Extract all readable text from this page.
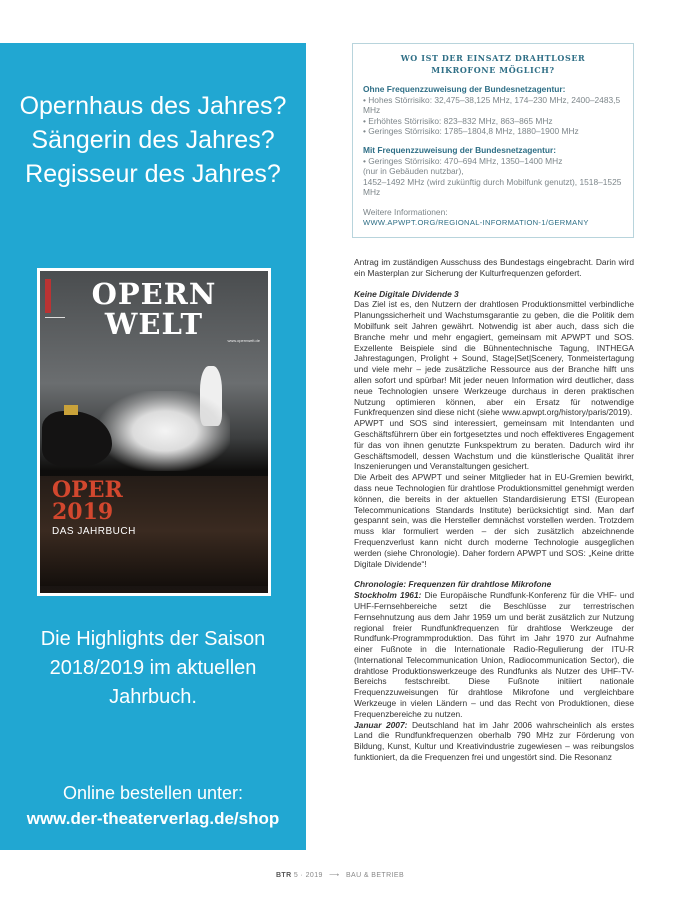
Opernhaus des Jahres?
Sängerin des Jahres?
Regisseur des Jahres?
OPERN
WELT	www.opernwelt.de
OPER
2019
DAS JAHRBUCH
Die Highlights der Saison
2018/2019 im aktuellen
Jahrbuch.
Online bestellen unter:
www.der-theaterverlag.de/shop
WO IST DER EINSATZ DRAHTLOSER
MIKROFONE MÖGLICH?
Ohne Frequenzzuweisung der Bundesnetzagentur:
• Hohes Störrisiko: 32,475–38,125 MHz, 174–230 MHz, 2400–2483,5 MHz
• Erhöhtes Störrisiko: 823–832 MHz, 863–865 MHz
• Geringes Störrisiko: 1785–1804,8 MHz, 1880–1900 MHz
Mit Frequenzzuweisung der Bundesnetzagentur:
• Geringes Störrisiko: 470–694 MHz, 1350–1400 MHz
(nur in Gebäuden nutzbar),
1452–1492 MHz (wird zukünftig durch Mobilfunk genutzt), 1518–1525 MHz
Weitere Informationen:
WWW.APWPT.ORG/REGIONAL-INFORMATION-1/GERMANY

Antrag im zuständigen Ausschuss des Bundestags eingebracht. Darin wird ein Masterplan zur Sicherung der Kulturfrequenzen gefordert.

Keine Digitale Dividende 3

Das Ziel ist es, den Nutzern der drahtlosen Produktionsmittel verbindliche Planungssicherheit und Wachstumsgarantie zu geben, die die Politik dem Mobilfunk seit Jahren gewährt. Notwendig ist aber auch, dass sich die Branche mehr und mehr engagiert, gemeinsam mit APWPT und SOS. Exzellente Beispiele sind die Bühnentechnische Tagung, INTHEGA Jahrestagungen, Prolight + Sound, Stage|Set|Scenery, Tonmeistertagung und viele mehr – jede zusätzliche Ressource aus der Branche hilft uns allen sofort und spürbar! Mit jeder neuen Information wird deutlicher, dass neue Technologien unsere Werkzeuge durchaus in deren praktischen Nutzung optimieren können, aber ein Ersatz für notwendige Funkfrequenzen sind diese nicht (siehe www.apwpt.org/history/paris/2019).

APWPT und SOS sind interessiert, gemeinsam mit Intendanten und Geschäftsführern über ein fortgesetztes und noch effektiveres Engagement für das von ihnen genutzte Funkspektrum zu beraten. Dadurch wird ihr Geschäftsmodell, dessen Wachstum und die künstlerische Qualität ihrer Inszenierungen und Veranstaltungen gesichert.

Die Arbeit des APWPT und seiner Mitglieder hat in EU-Gremien bewirkt, dass neue Technologien für drahtlose Produktionsmittel genehmigt werden können, die bereits in der aktuellen Standardisierung ETSI (European Telecommunications Standards Institute) berücksichtigt sind. Man darf gespannt sein, was die Hersteller demnächst vorstellen werden. Trotzdem muss klar formuliert werden – der sich zusätzlich abzeichnende Frequenzverlust kann nicht durch moderne Technologie ausgeglichen werden (siehe Chronologie). Daher fordern APWPT und SOS: „Keine dritte Digitale Dividende“!

Chronologie: Frequenzen für drahtlose Mikrofone

Stockholm 1961: Die Europäische Rundfunk-Konferenz für die VHF- und UHF-Fernsehbereiche setzt die Beschlüsse zur terrestrischen Fernsehnutzung aus dem Jahr 1959 um und berät zusätzlich zur Nutzung regional freier Rundfunkfrequenzen für drahtlose Werkzeuge der Rundfunk-Programmproduktion. Das führt im Jahr 1970 zur Aufnahme einer Fußnote in die Internationale Radio-Regulierung der ITU-R (International Telecommunication Union, Radiocommunication Sector), die drahtlose Produktionswerkzeuge des Rundfunks als Nutzer des UHF-TV-Bereichs festschreibt. Diese Fußnote initiiert nationale Frequenzzuweisungen für drahtlose Mikrofone und vergleichbare Werkzeuge in vielen Ländern – und das Recht von Produktionen, diese Frequenzbereiche zu nutzen.

Januar 2007: Deutschland hat im Jahr 2006 wahrscheinlich als erstes Land die Rundfunkfrequenzen oberhalb 790 MHz zur Förderung von Bildung, Kunst, Kultur und Kreativindustrie zugewiesen – was reibungslos funktioniert, da die Frequenzen frei und ungestört sind. Die Resonanz

BTR 5 · 2019 ⟶ BAU & BETRIEB
